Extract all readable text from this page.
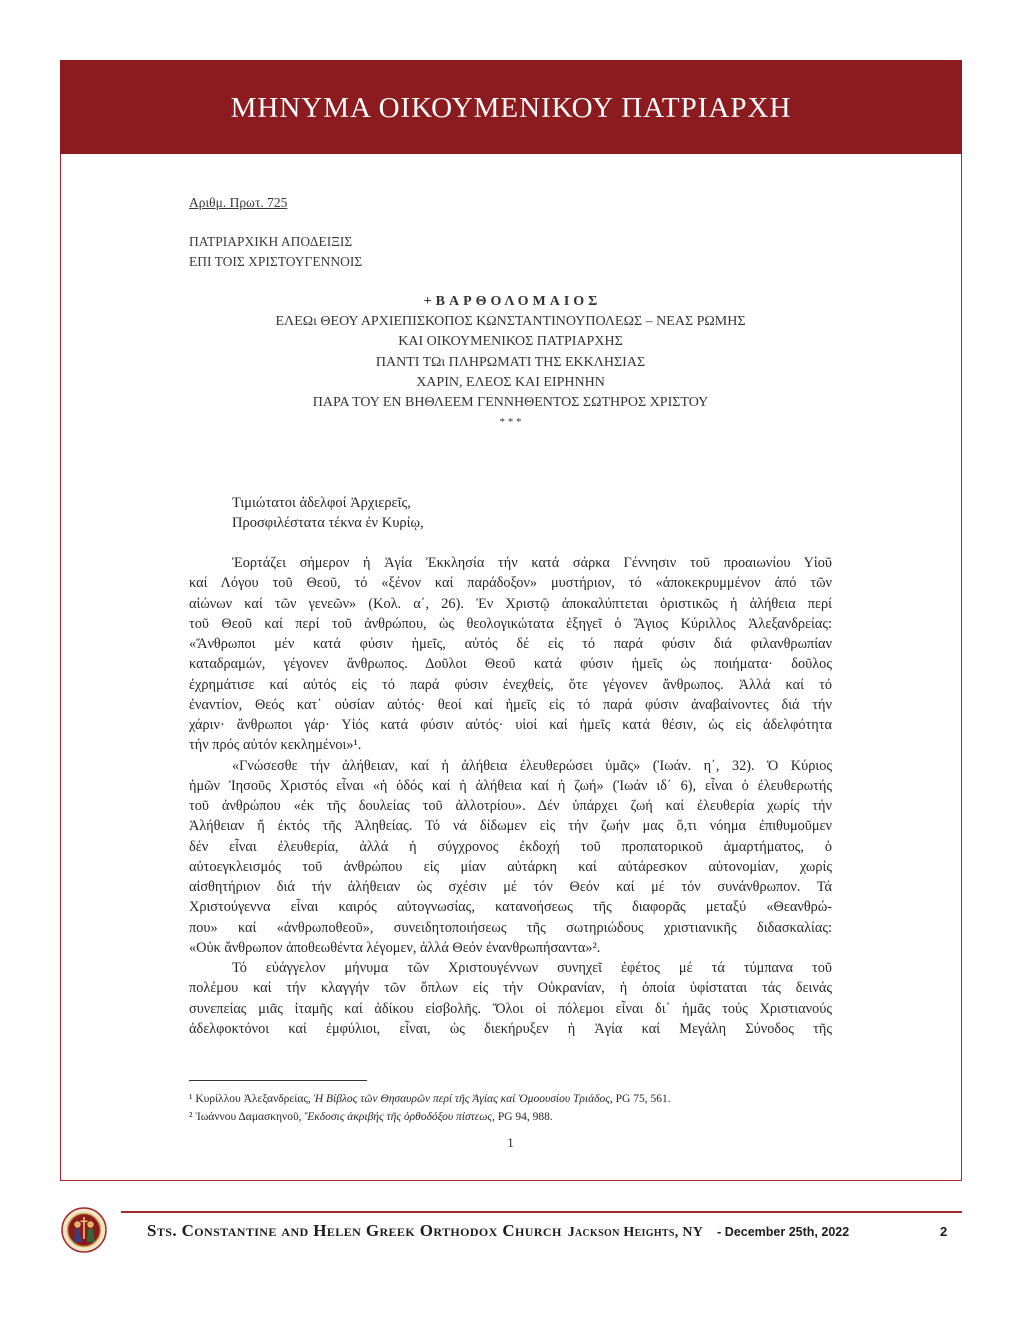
ΜΗΝΥΜΑ ΟΙΚΟΥΜΕΝΙΚΟΥ ΠΑΤΡΙΑΡΧΗ
Αριθμ. Πρωτ. 725
ΠΑΤΡΙΑΡΧΙΚΗ ΑΠΟΔΕΙΞΙΣ
ΕΠΙ ΤΟΙΣ ΧΡΙΣΤΟΥΓΕΝΝΟΙΣ
+ΒΑΡΘΟΛΟΜΑΙΟΣ
ΕΛΕΩι ΘΕΟΥ ΑΡΧΙΕΠΙΣΚΟΠΟΣ ΚΩΝΣΤΑΝΤΙΝΟΥΠΟΛΕΩΣ – ΝΕΑΣ ΡΩΜΗΣ
ΚΑΙ ΟΙΚΟΥΜΕΝΙΚΟΣ ΠΑΤΡΙΑΡΧΗΣ
ΠΑΝΤΙ ΤΩι ΠΛΗΡΩΜΑΤΙ ΤΗΣ ΕΚΚΛΗΣΙΑΣ
ΧΑΡΙΝ, ΕΛΕΟΣ ΚΑΙ ΕΙΡΗΝΗΝ
ΠΑΡΑ ΤΟΥ ΕΝ ΒΗΘΛΕΕΜ ΓΕΝΝΗΘΕΝΤΟΣ ΣΩΤΗΡΟΣ ΧΡΙΣΤΟΥ
* * *
Τιμιώτατοι ἀδελφοί Ἀρχιερεῖς,
Προσφιλέστατα τέκνα ἐν Κυρίῳ,
Ἑορτάζει σήμερον ἡ Ἁγία Ἐκκλησία τήν κατά σάρκα Γέννησιν τοῦ προαιωνίου Υἱοῦ
καί Λόγου τοῦ Θεοῦ, τό «ξένον καί παράδοξον» μυστήριον, τό «ἀποκεκρυμμένον ἀπό τῶν
αἰώνων καί τῶν γενεῶν» (Κολ. α΄, 26). Ἐν Χριστῷ ἀποκαλύπτεται ὁριστικῶς ἡ ἀλήθεια περί
τοῦ Θεοῦ καί περί τοῦ ἀνθρώπου, ὡς θεολογικώτατα ἐξηγεῖ ὁ Ἅγιος Κύριλλος Ἀλεξανδρείας:
«Ἄνθρωποι μέν κατά φύσιν ἡμεῖς, αὐτός δέ εἰς τό παρά φύσιν διά φιλανθρωπίαν
καταδραμών, γέγονεν ἄνθρωπος. Δοῦλοι Θεοῦ κατά φύσιν ἡμεῖς ὡς ποιήματα· δοῦλος
ἐχρημάτισε καί αὐτός εἰς τό παρά φύσιν ἐνεχθείς, ὅτε γέγονεν ἄνθρωπος. Ἀλλά καί τό
ἐναντίον, Θεός κατ᾿ οὐσίαν αὐτός· θεοί καί ἡμεῖς εἰς τό παρά φύσιν ἀναβαίνοντες διά τήν
χάριν· ἄνθρωποι γάρ· Υἱός κατά φύσιν αὐτός· υἱοί καί ἡμεῖς κατά θέσιν, ὡς εἰς ἀδελφότητα
τήν πρός αὐτόν κεκλημένοι»¹.
«Γνώσεσθε τήν ἀλήθειαν, καί ἡ ἀλήθεια ἐλευθερώσει ὑμᾶς» (Ἰωάν. η΄, 32). Ὁ Κύριος
ἡμῶν Ἰησοῦς Χριστός εἶναι «ἡ ὁδός καί ἡ ἀλήθεια καί ἡ ζωή» (Ἰωάν ιδ΄ 6), εἶναι ὁ ἐλευθερωτής
τοῦ ἀνθρώπου «ἐκ τῆς δουλείας τοῦ ἀλλοτρίου». Δέν ὑπάρχει ζωή καί ἐλευθερία χωρίς τήν
Ἀλήθειαν ἤ ἐκτός τῆς Ἀληθείας. Τό νά δίδωμεν εἰς τήν ζωήν μας ὅ,τι νόημα ἐπιθυμοῦμεν
δέν εἶναι ἐλευθερία, ἀλλά ἡ σύγχρονος ἐκδοχή τοῦ προπατορικοῦ ἁμαρτήματος, ὁ
αὐτοεγκλεισμός τοῦ ἀνθρώπου εἰς μίαν αὐτάρκη καί αὐτάρεσκον αὐτονομίαν, χωρίς
αἰσθητήριον διά τήν ἀλήθειαν ὡς σχέσιν μέ τόν Θεόν καί μέ τόν συνάνθρωπον. Τά
Χριστούγεννα εἶναι καιρός αὐτογνωσίας, κατανοήσεως τῆς διαφορᾶς μεταξύ «Θεανθρώ-
που» καί «ἀνθρωποθεοῦ», συνειδητοποιήσεως τῆς σωτηριώδους χριστιανικῆς διδασκαλίας:
«Οὐκ ἄνθρωπον ἀποθεωθέντα λέγομεν, ἀλλά Θεόν ἐνανθρωπήσαντα»².
Τό εὐάγγελον μήνυμα τῶν Χριστουγέννων συνηχεῖ ἐφέτος μέ τά τύμπανα τοῦ
πολέμου καί τήν κλαγγήν τῶν ὅπλων εἰς τήν Οὐκρανίαν, ἡ ὁποία ὑφίσταται τάς δεινάς
συνεπείας μιᾶς ἰταμῆς καί ἀδίκου εἰσβολῆς. Ὅλοι οἱ πόλεμοι εἶναι δι᾿ ἡμᾶς τούς Χριστιανούς
ἀδελφοκτόνοι καί ἐμφύλιοι, εἶναι, ὡς διεκήρυξεν ἡ Ἁγία καί Μεγάλη Σύνοδος τῆς
¹ Κυρίλλου Ἀλεξανδρείας, Ἡ Βίβλος τῶν Θησαυρῶν περί τῆς Ἁγίας καί Ὁμοουσίου Τριάδος, PG 75, 561.
² Ἰωάννου Δαμασκηνοῦ, Ἔκδοσις ἀκριβής τῆς ὀρθοδόξου πίστεως, PG 94, 988.
1
Sts. Constantine and Helen Greek Orthodox Church Jackson Heights, NY - December 25th, 2022	2
